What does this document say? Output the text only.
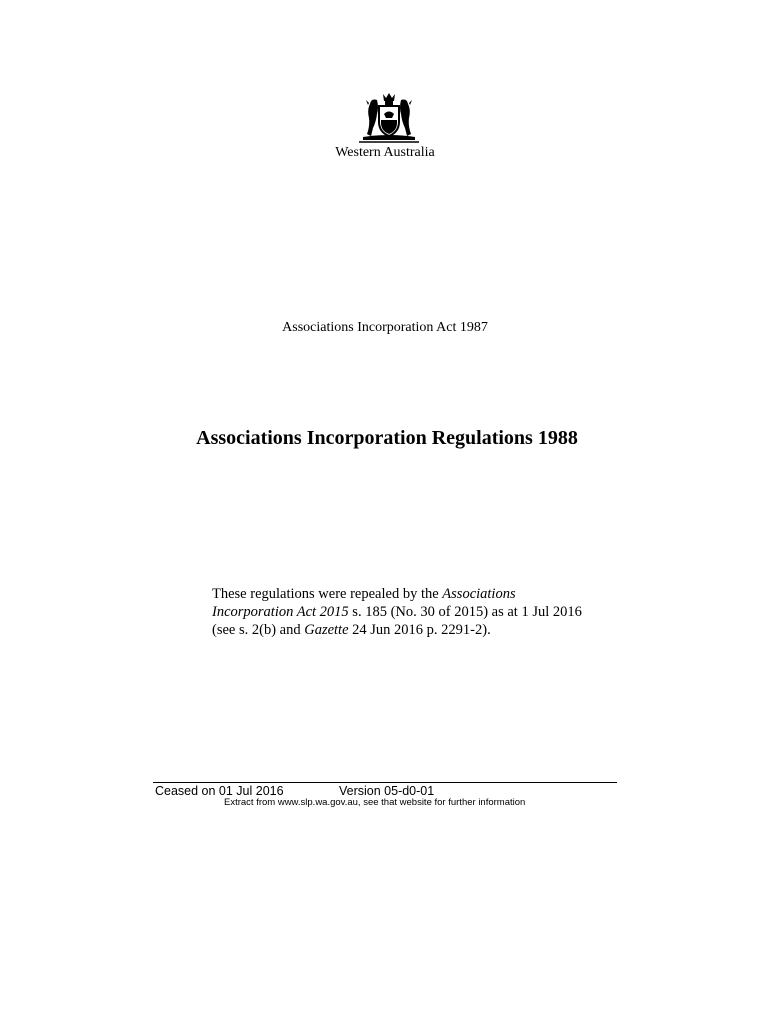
Western Australia
Associations Incorporation Act 1987
Associations Incorporation Regulations 1988
These regulations were repealed by the Associations
Incorporation Act 2015 s. 185 (No. 30 of 2015) as at 1 Jul 2016
(see s. 2(b) and Gazette 24 Jun 2016 p. 2291-2).
Ceased on 01 Jul 2016	Version 05-d0-01
Extract from www.slp.wa.gov.au, see that website for further information
